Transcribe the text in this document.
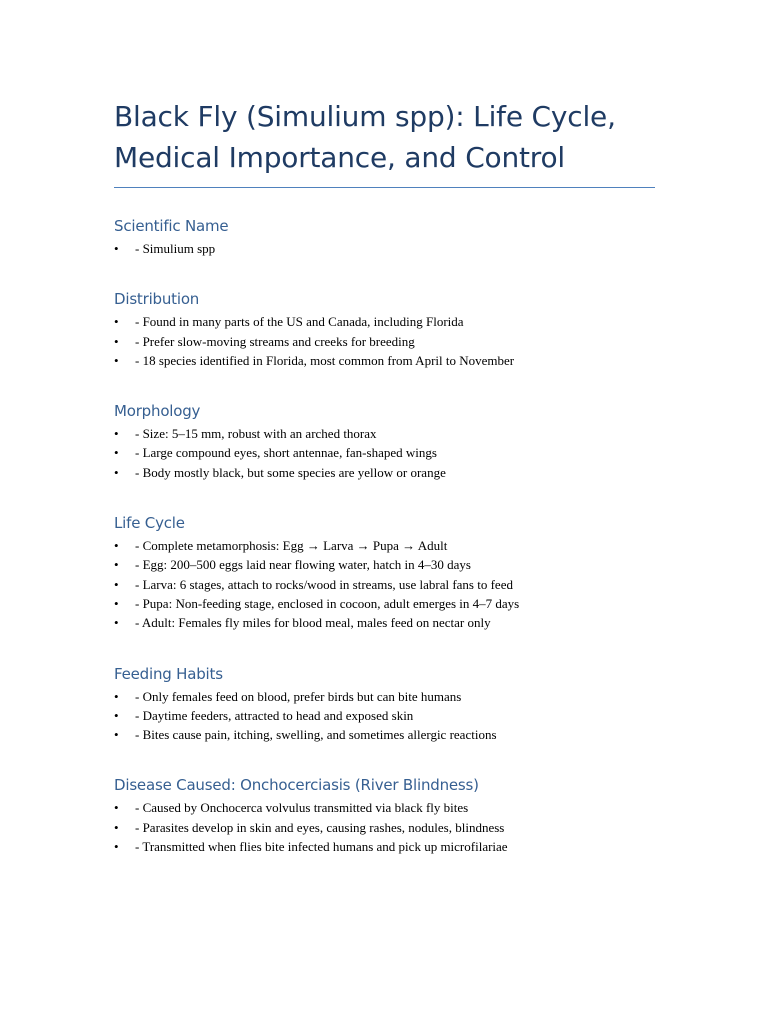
Black Fly (Simulium spp): Life Cycle,
Medical Importance, and Control
Scientific Name
• - Simulium spp
Distribution
• - Found in many parts of the US and Canada, including Florida
• - Prefer slow-moving streams and creeks for breeding
• - 18 species identified in Florida, most common from April to November
Morphology
• - Size: 5–15 mm, robust with an arched thorax
• - Large compound eyes, short antennae, fan-shaped wings
• - Body mostly black, but some species are yellow or orange
Life Cycle
• - Complete metamorphosis: Egg → Larva → Pupa → Adult
• - Egg: 200–500 eggs laid near flowing water, hatch in 4–30 days
• - Larva: 6 stages, attach to rocks/wood in streams, use labral fans to feed
• - Pupa: Non-feeding stage, enclosed in cocoon, adult emerges in 4–7 days
• - Adult: Females fly miles for blood meal, males feed on nectar only
Feeding Habits
• - Only females feed on blood, prefer birds but can bite humans
• - Daytime feeders, attracted to head and exposed skin
• - Bites cause pain, itching, swelling, and sometimes allergic reactions
Disease Caused: Onchocerciasis (River Blindness)
• - Caused by Onchocerca volvulus transmitted via black fly bites
• - Parasites develop in skin and eyes, causing rashes, nodules, blindness
• - Transmitted when flies bite infected humans and pick up microfilariae
